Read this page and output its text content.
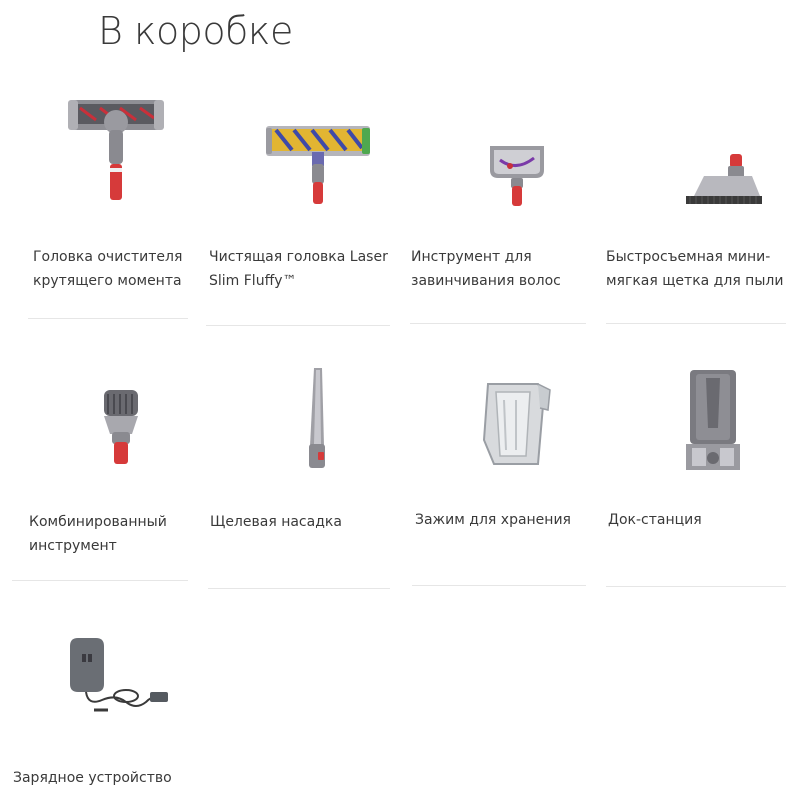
В коробке
Головка очистителя
крутящего момента
Чистящая головка Laser
Slim Fluffy™
Инструмент для
завинчивания волос
Быстросъемная мини-
мягкая щетка для пыли
Комбинированный
инструмент
Щелевая насадка	Зажим для хранения	Док-станция
Зарядное устройство
